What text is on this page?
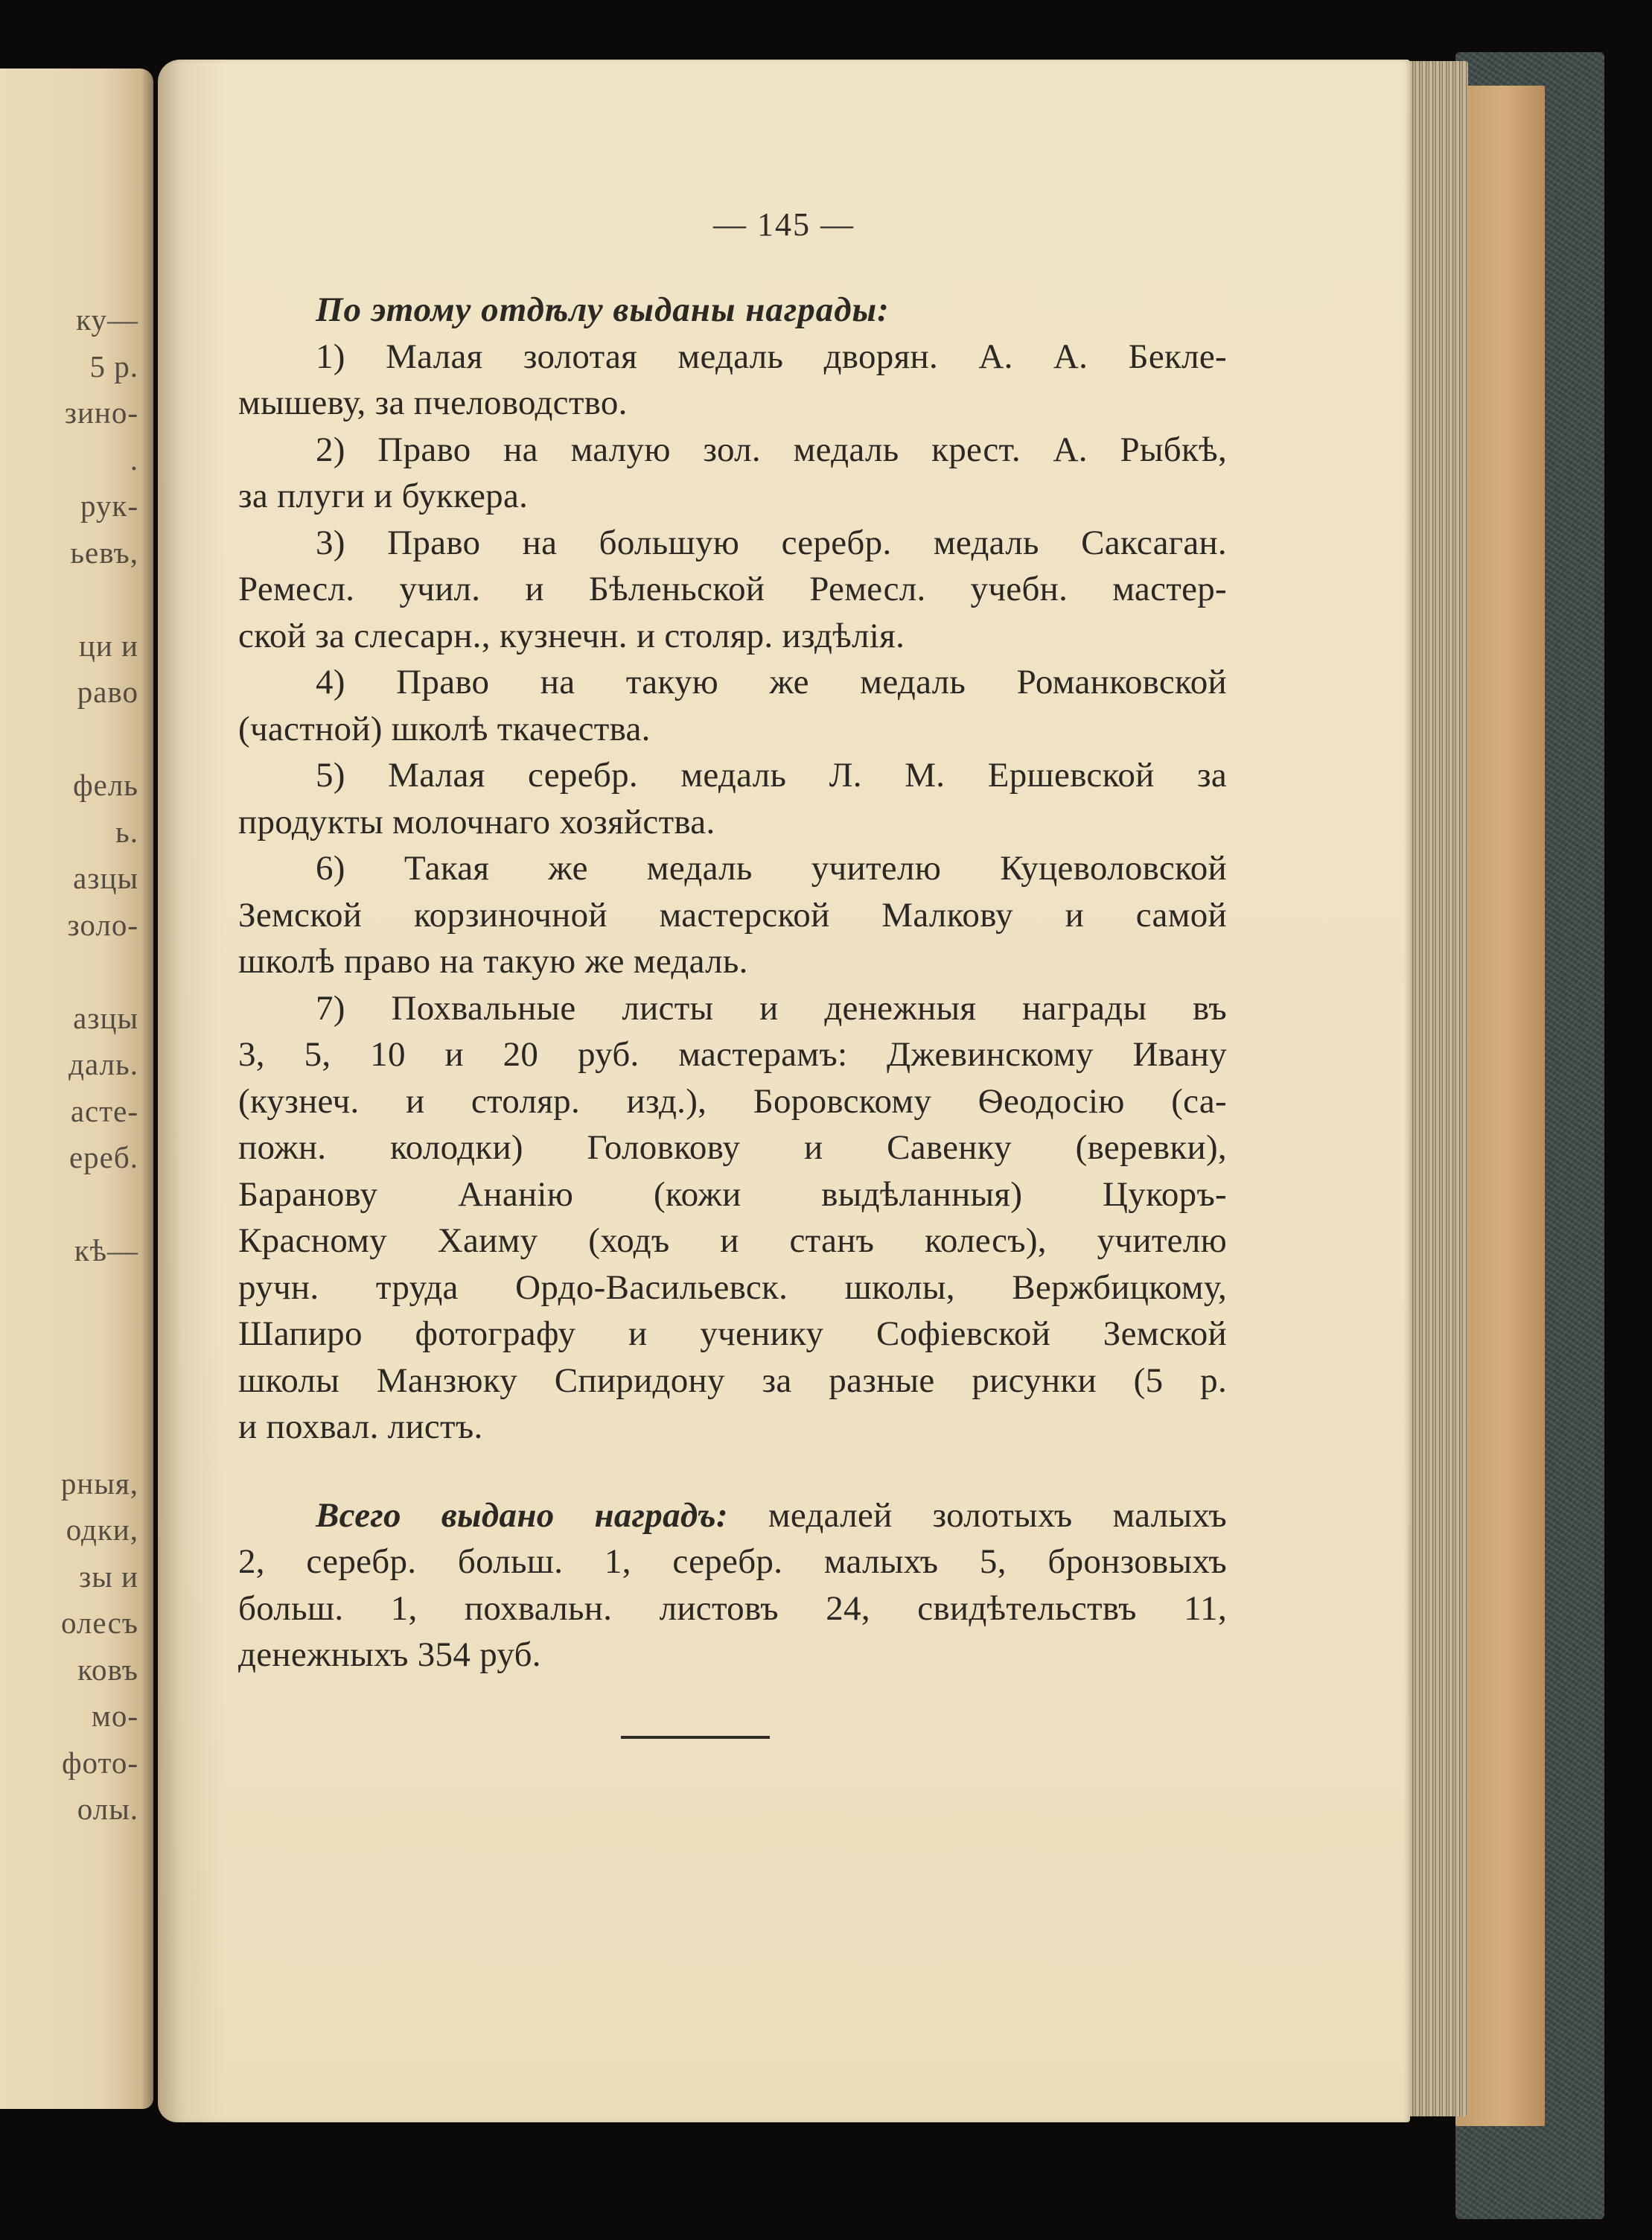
ку—
5 р.
зино-
.
рук-
ьевъ,
ци и
раво
фель
ь.
азцы
золо-
азцы
даль.
асте-
ереб.
кѣ—
рныя,
одки,
зы и
олесъ
ковъ
мо-
фото-
олы.
— 145 —
По этому отдѣлу выданы награды:
1) Малая золотая медаль дворян. А. А. Бекле-
мышеву, за пчеловодство.
2) Право на малую зол. медаль крест. А. Рыбкѣ,
за плуги и буккера.
3) Право на большую серебр. медаль Саксаган.
Ремесл. учил. и Бѣленьской Ремесл. учебн. мастер-
ской за слесарн., кузнечн. и столяр. издѣлія.
4) Право на такую же медаль Романковской
(частной) школѣ ткачества.
5) Малая серебр. медаль Л. М. Ершевской за
продукты молочнаго хозяйства.
6) Такая же медаль учителю Куцеволовской
Земской корзиночной мастерской Малкову и самой
школѣ право на такую же медаль.
7) Похвальные листы и денежныя награды въ
3, 5, 10 и 20 руб. мастерамъ: Джевинскому Ивану
(кузнеч. и столяр. изд.), Боровскому Ѳеодосію (са-
пожн. колодки) Головкову и Савенку (веревки),
Баранову Ананію (кожи выдѣланныя) Цукоръ-
Красному Хаиму (ходъ и станъ колесъ), учителю
ручн. труда Ордо-Васильевск. школы, Вержбицкому,
Шапиро фотографу и ученику Софіевской Земской
школы Манзюку Спиридону за разные рисунки (5 р.
и похвал. листъ.
Всего выдано наградъ: медалей золотыхъ малыхъ
2, серебр. больш. 1, серебр. малыхъ 5, бронзовыхъ
больш. 1, похвальн. листовъ 24, свидѣтельствъ 11,
денежныхъ 354 руб.
